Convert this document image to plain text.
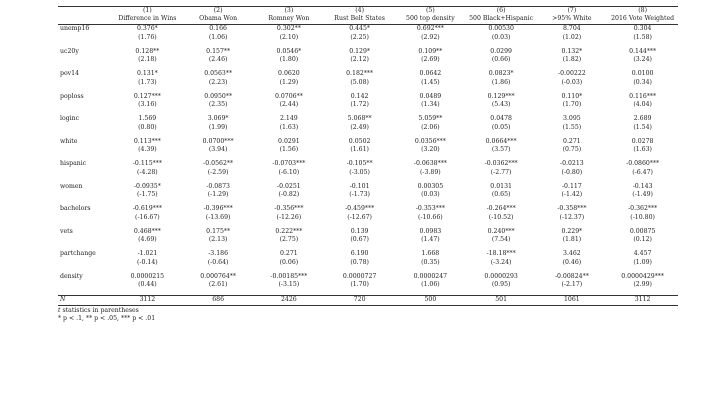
	(1)	(2)	(3)	(4)	(5)	(6)	(7)	(8)
	Difference in Wins	Obama Won	Romney Won	Rust Belt States	500 top density	500 Black+Hispanic	>95% White	2016 Vote Weighted
unemp16	0.376*	0.166	0.302**	0.445*	0.692***	0.00530	8.704	0.304
	(1.76)	(1.06)	(2.10)	(2.25)	(2.92)	(0.03)	(1.02)	(1.58)
uc20y	0.128**	0.157**	0.0546*	0.129*	0.109**	0.0299	0.132*	0.144***
	(2.18)	(2.46)	(1.80)	(2.12)	(2.69)	(0.66)	(1.82)	(3.24)
pov14	0.131*	0.0563**	0.0620	0.182***	0.0642	0.0823*	-0.00222	0.0100
	(1.73)	(2.23)	(1.29)	(5.08)	(1.45)	(1.86)	(-0.03)	(0.34)
poploss	0.127***	0.0950**	0.0706**	0.142	0.0489	0.129***	0.110*	0.116***
	(3.16)	(2.35)	(2.44)	(1.72)	(1.34)	(5.43)	(1.70)	(4.04)
loginc	1.569	3.069*	2.149	5.068**	5.059**	0.0478	3.095	2.689
	(0.80)	(1.99)	(1.63)	(2.49)	(2.06)	(0.05)	(1.55)	(1.54)
white	0.113***	0.0700***	0.0291	0.0502	0.0356***	0.0664***	0.271	0.0278
	(4.39)	(3.94)	(1.56)	(1.61)	(3.20)	(3.57)	(0.75)	(1.63)
hispanic	-0.115***	-0.0562**	-0.0703***	-0.105**	-0.0638***	-0.0362***	-0.0213	-0.0860***
	(-4.28)	(-2.59)	(-6.10)	(-3.05)	(-3.89)	(-2.77)	(-0.80)	(-6.47)
women	-0.0935*	-0.0873	-0.0251	-0.101	0.00305	0.0131	-0.117	-0.143
	(-1.75)	(-1.29)	(-0.82)	(-1.73)	(0.03)	(0.65)	(-1.42)	(-1.49)
bachelors	-0.619***	-0.396***	-0.356***	-0.459***	-0.353***	-0.264***	-0.358***	-0.362***
	(-16.67)	(-13.69)	(-12.26)	(-12.67)	(-10.66)	(-10.52)	(-12.37)	(-10.80)
vets	0.468***	0.175**	0.222***	0.139	0.0983	0.240***	0.229*	0.00875
	(4.69)	(2.13)	(2.75)	(0.67)	(1.47)	(7.54)	(1.81)	(0.12)
partchange	-1.021	-3.186	0.271	6.190	1.668	-18.18***	3.462	4.457
	(-0.14)	(-0.64)	(0.06)	(0.78)	(0.35)	(-3.24)	(0.46)	(1.09)
density	0.0000215	0.000764**	-0.00185***	0.0000727	0.0000247	0.0000293	-0.00824**	0.0000429***
	(0.44)	(2.61)	(-3.15)	(1.70)	(1.06)	(0.95)	(-2.17)	(2.99)
N	3112	686	2426	720	500	501	1061	3112
t statistics in parentheses
* p < .1, ** p < .05, *** p < .01
